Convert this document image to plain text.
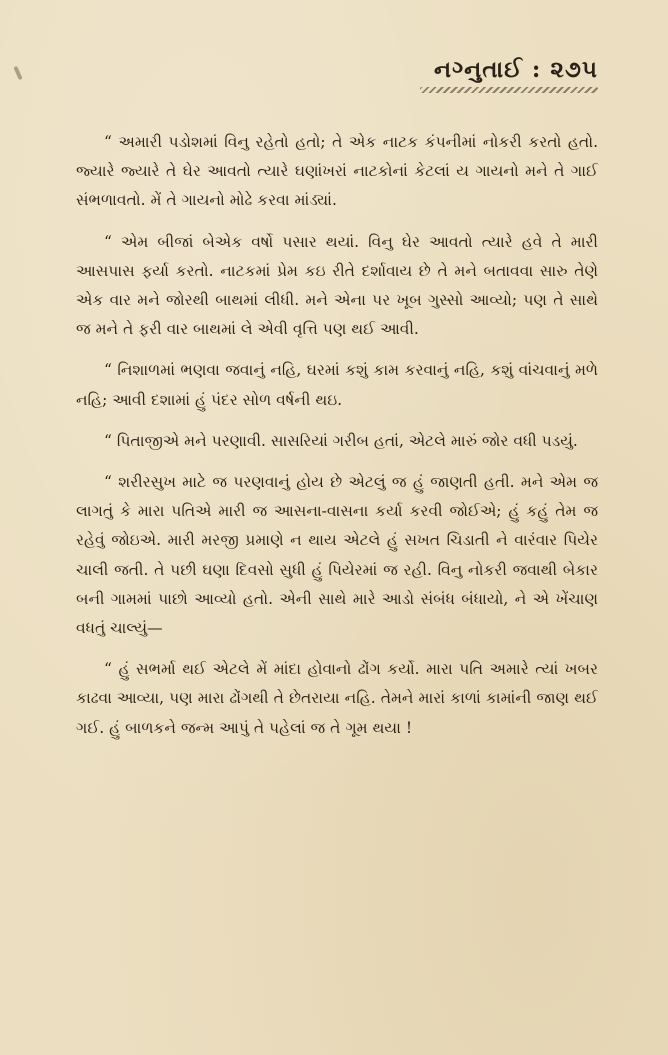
નગ્નુતાઈ : ૨૭૫

“ અમારી પડોશમાં વિનુ રહેતો હતો; તે એક નાટક કંપનીમાં નોકરી કરતો હતો. જ્યારે જ્યારે તે ઘેર આવતો ત્યારે ઘણાંખરાં નાટકોનાં કેટલાં ય ગાયનો મને તે ગાઈ સંભળાવતો. મેં તે ગાયનો મોઢે કરવા માંડ્યાં.

“ એમ બીજાં બેએક વર્ષો પસાર થયાં. વિનુ ઘેર આવતો ત્યારે હવે તે મારી આસપાસ ફર્યા કરતો. નાટકમાં પ્રેમ કઇ રીતે દર્શાવાય છે તે મને બતાવવા સારુ તેણે એક વાર મને જોરથી બાથમાં લીધી. મને એના પર ખૂબ ગુસ્સો આવ્યો; પણ તે સાથે જ મને તે ફરી વાર બાથમાં લે એવી વૃત્તિ પણ થઈ આવી.

“ નિશાળમાં ભણવા જવાનું નહિ, ઘરમાં કશું કામ કરવાનું નહિ, કશું વાંચવાનું મળે નહિ; આવી દશામાં હું પંદર સોળ વર્ષની થઇ.

“ પિતાજીએ મને પરણાવી. સાસરિયાં ગરીબ હતાં, એટલે મારું જોર વધી પડયું.

“ શરીરસુખ માટે જ પરણવાનું હોય છે એટલું જ હું જાણતી હતી. મને એમ જ લાગતું કે મારા પતિએ મારી જ આસના-વાસના કર્યા કરવી જોઈએ; હું કહું તેમ જ રહેવું જોઇએ. મારી મરજી પ્રમાણે ન થાય એટલે હું સખત ચિડાતી ને વારંવાર પિયેર ચાલી જતી. તે પછી ઘણા દિવસો સુધી હું પિયેરમાં જ રહી. વિનુ નોકરી જવાથી બેકાર બની ગામમાં પાછો આવ્યો હતો. એની સાથે મારે આડો સંબંધ બંધાયો, ને એ ખેંચાણ વધતું ચાલ્યું—

“ હું સભર્મા થઈ એટલે મેં માંદા હોવાનો ઢોંગ કર્યો. મારા પતિ અમારે ત્યાં ખબર કાઢવા આવ્યા, પણ મારા ઢોંગથી તે છેતરાયા નહિ. તેમને મારાં કાળાં કામાંની જાણ થઈ ગઈ. હું બાળકને જન્મ આપું તે પહેલાં જ તે ગૂમ થયા !
